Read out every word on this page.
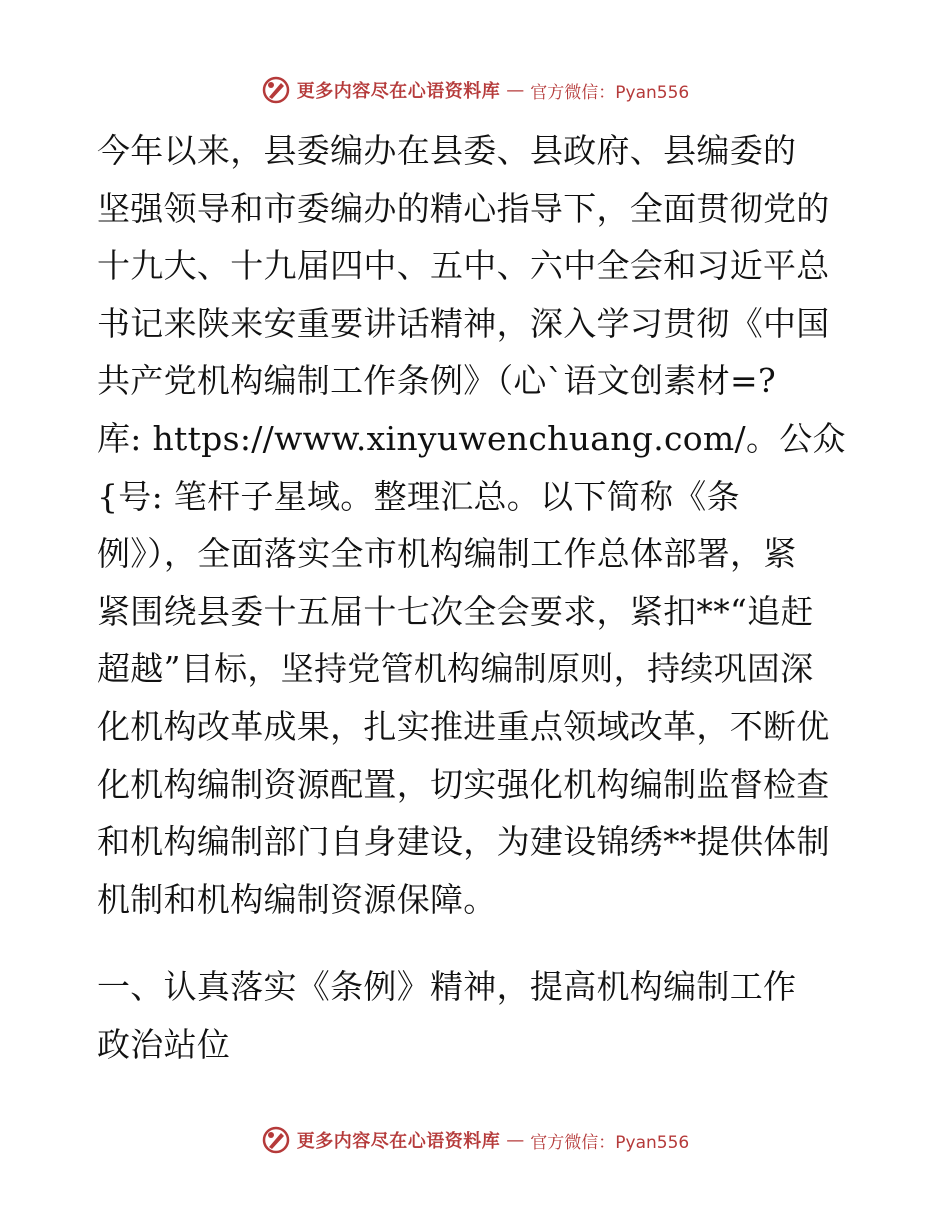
更多内容尽在心语资料库 — 官方微信：Pyan556

今年以来，县委编办在县委、县政府、县编委的
坚强领导和市委编办的精心指导下，全面贯彻党的
十九大、十九届四中、五中、六中全会和习近平总
书记来陕来安重要讲话精神，深入学习贯彻《中国
共产党机构编制工作条例》（心`语文创素材=?
库: https://www.xinyuwenchuang.com/。公众
{号: 笔杆子星域。整理汇总。以下简称《条
例》），全面落实全市机构编制工作总体部署，紧
紧围绕县委十五届十七次全会要求，紧扣**“追赶
超越”目标，坚持党管机构编制原则，持续巩固深
化机构改革成果，扎实推进重点领域改革，不断优
化机构编制资源配置，切实强化机构编制监督检查
和机构编制部门自身建设，为建设锦绣**提供体制
机制和机构编制资源保障。

一、认真落实《条例》精神，提高机构编制工作
政治站位

更多内容尽在心语资料库 — 官方微信：Pyan556
